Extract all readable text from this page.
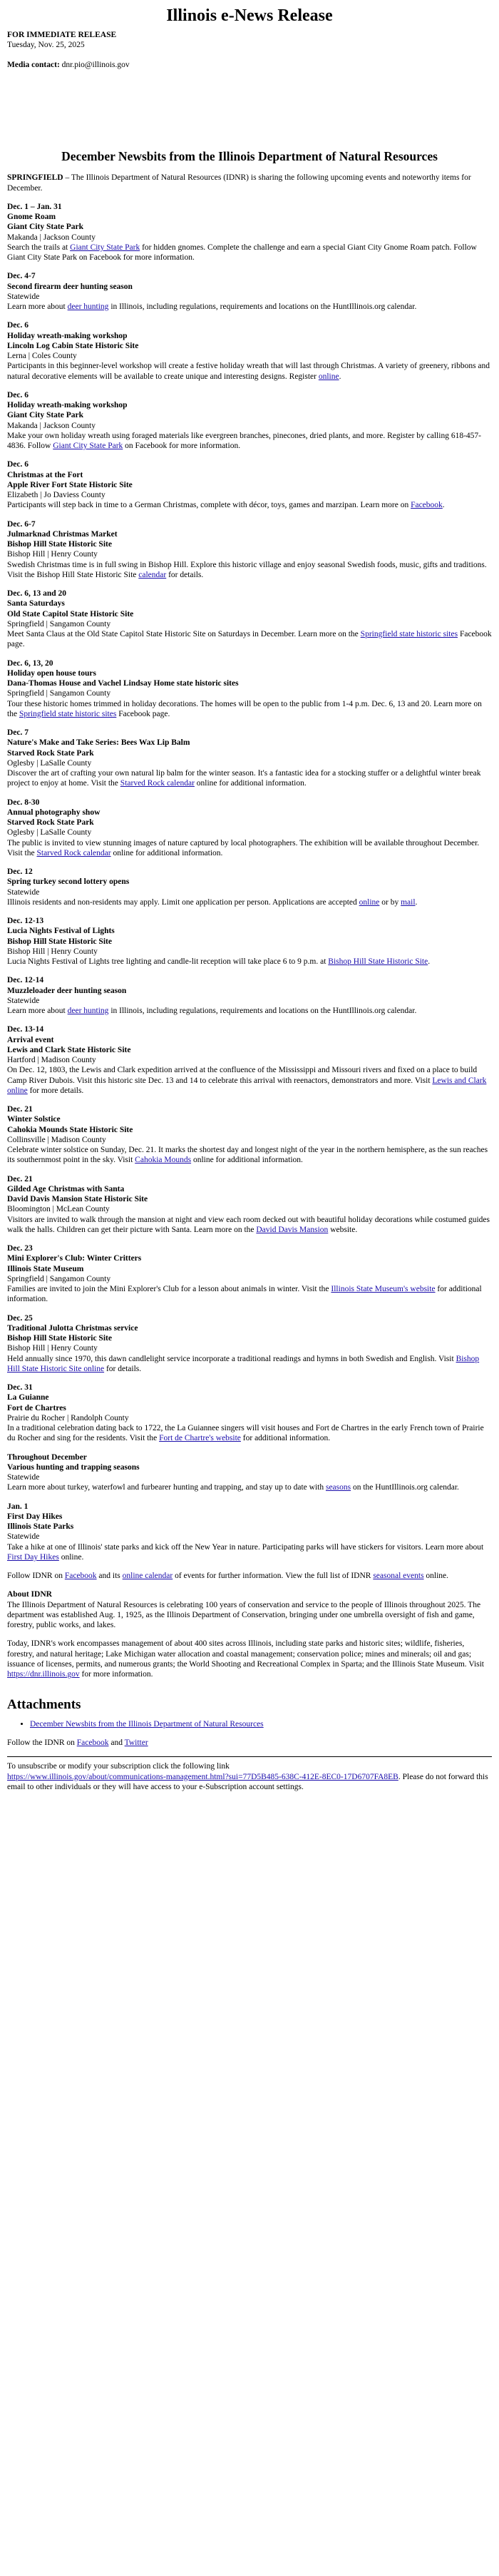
Illinois e-News Release

FOR IMMEDIATE RELEASE

Tuesday, Nov. 25, 2025

Media contact: dnr.pio@illinois.gov

December Newsbits from the Illinois Department of Natural Resources

SPRINGFIELD – The Illinois Department of Natural Resources (IDNR) is sharing the following upcoming events and noteworthy items for December.

Dec. 1 – Jan. 31
Gnome Roam
Giant City State Park
Makanda | Jackson County
Search the trails at Giant City State Park for hidden gnomes. Complete the challenge and earn a special Giant City Gnome Roam patch. Follow Giant City State Park on Facebook for more information.

Dec. 4-7
Second firearm deer hunting season
Statewide
Learn more about deer hunting in Illinois, including regulations, requirements and locations on the HuntIllinois.org calendar.

Dec. 6
Holiday wreath-making workshop
Lincoln Log Cabin State Historic Site
Lerna | Coles County
Participants in this beginner-level workshop will create a festive holiday wreath that will last through Christmas. A variety of greenery, ribbons and natural decorative elements will be available to create unique and interesting designs. Register online.

Dec. 6
Holiday wreath-making workshop
Giant City State Park
Makanda | Jackson County
Make your own holiday wreath using foraged materials like evergreen branches, pinecones, dried plants, and more. Register by calling 618-457-4836. Follow Giant City State Park on Facebook for more information.

Dec. 6
Christmas at the Fort
Apple River Fort State Historic Site
Elizabeth | Jo Daviess County
Participants will step back in time to a German Christmas, complete with décor, toys, games and marzipan. Learn more on Facebook.

Dec. 6-7
Julmarknad Christmas Market
Bishop Hill State Historic Site
Bishop Hill | Henry County
Swedish Christmas time is in full swing in Bishop Hill. Explore this historic village and enjoy seasonal Swedish foods, music, gifts and traditions. Visit the Bishop Hill State Historic Site calendar for details.

Dec. 6, 13 and 20
Santa Saturdays
Old State Capitol State Historic Site
Springfield | Sangamon County
Meet Santa Claus at the Old State Capitol State Historic Site on Saturdays in December. Learn more on the Springfield state historic sites Facebook page.

Dec. 6, 13, 20
Holiday open house tours
Dana-Thomas House and Vachel Lindsay Home state historic sites
Springfield | Sangamon County
Tour these historic homes trimmed in holiday decorations. The homes will be open to the public from 1-4 p.m. Dec. 6, 13 and 20. Learn more on the Springfield state historic sites Facebook page.

Dec. 7
Nature's Make and Take Series: Bees Wax Lip Balm
Starved Rock State Park
Oglesby | LaSalle County
Discover the art of crafting your own natural lip balm for the winter season. It's a fantastic idea for a stocking stuffer or a delightful winter break project to enjoy at home. Visit the Starved Rock calendar online for additional information.

Dec. 8-30
Annual photography show
Starved Rock State Park
Oglesby | LaSalle County
The public is invited to view stunning images of nature captured by local photographers. The exhibition will be available throughout December. Visit the Starved Rock calendar online for additional information.

Dec. 12
Spring turkey second lottery opens
Statewide
Illinois residents and non-residents may apply. Limit one application per person. Applications are accepted online or by mail.

Dec. 12-13
Lucia Nights Festival of Lights
Bishop Hill State Historic Site
Bishop Hill | Henry County
Lucia Nights Festival of Lights tree lighting and candle-lit reception will take place 6 to 9 p.m. at Bishop Hill State Historic Site.

Dec. 12-14
Muzzleloader deer hunting season
Statewide
Learn more about deer hunting in Illinois, including regulations, requirements and locations on the HuntIllinois.org calendar.

Dec. 13-14
Arrival event
Lewis and Clark State Historic Site
Hartford | Madison County
On Dec. 12, 1803, the Lewis and Clark expedition arrived at the confluence of the Mississippi and Missouri rivers and fixed on a place to build Camp River Dubois. Visit this historic site Dec. 13 and 14 to celebrate this arrival with reenactors, demonstrators and more. Visit Lewis and Clark online for more details.

Dec. 21
Winter Solstice
Cahokia Mounds State Historic Site
Collinsville | Madison County
Celebrate winter solstice on Sunday, Dec. 21. It marks the shortest day and longest night of the year in the northern hemisphere, as the sun reaches its southernmost point in the sky. Visit Cahokia Mounds online for additional information.

Dec. 21
Gilded Age Christmas with Santa
David Davis Mansion State Historic Site
Bloomington | McLean County
Visitors are invited to walk through the mansion at night and view each room decked out with beautiful holiday decorations while costumed guides walk the halls. Children can get their picture with Santa. Learn more on the David Davis Mansion website.

Dec. 23
Mini Explorer's Club: Winter Critters
Illinois State Museum
Springfield | Sangamon County
Families are invited to join the Mini Explorer's Club for a lesson about animals in winter. Visit the Illinois State Museum's website for additional information.

Dec. 25
Traditional Julotta Christmas service
Bishop Hill State Historic Site
Bishop Hill | Henry County
Held annually since 1970, this dawn candlelight service incorporate a traditional readings and hymns in both Swedish and English. Visit Bishop Hill State Historic Site online for details.

Dec. 31
La Guianne
Fort de Chartres
Prairie du Rocher | Randolph County
In a traditional celebration dating back to 1722, the La Guiannee singers will visit houses and Fort de Chartres in the early French town of Prairie du Rocher and sing for the residents. Visit the Fort de Chartre's website for additional information.

Throughout December
Various hunting and trapping seasons
Statewide
Learn more about turkey, waterfowl and furbearer hunting and trapping, and stay up to date with seasons on the HuntIllinois.org calendar.

Jan. 1
First Day Hikes
Illinois State Parks
Statewide
Take a hike at one of Illinois' state parks and kick off the New Year in nature. Participating parks will have stickers for visitors. Learn more about First Day Hikes online.

Follow IDNR on Facebook and its online calendar of events for further information. View the full list of IDNR seasonal events online.

About IDNR
The Illinois Department of Natural Resources is celebrating 100 years of conservation and service to the people of Illinois throughout 2025. The department was established Aug. 1, 1925, as the Illinois Department of Conservation, bringing under one umbrella oversight of fish and game, forestry, public works, and lakes.

Today, IDNR's work encompasses management of about 400 sites across Illinois, including state parks and historic sites; wildlife, fisheries, forestry, and natural heritage; Lake Michigan water allocation and coastal management; conservation police; mines and minerals; oil and gas; issuance of licenses, permits, and numerous grants; the World Shooting and Recreational Complex in Sparta; and the Illinois State Museum. Visit https://dnr.illinois.gov for more information.

Attachments
• December Newsbits from the Illinois Department of Natural Resources

Follow the IDNR on Facebook and Twitter

To unsubscribe or modify your subscription click the following link
https://www.illinois.gov/about/communications-management.html?sui=77D5B485-638C-412E-8EC0-17D6707FA8EB. Please do not forward this email to other individuals or they will have access to your e-Subscription account settings.
